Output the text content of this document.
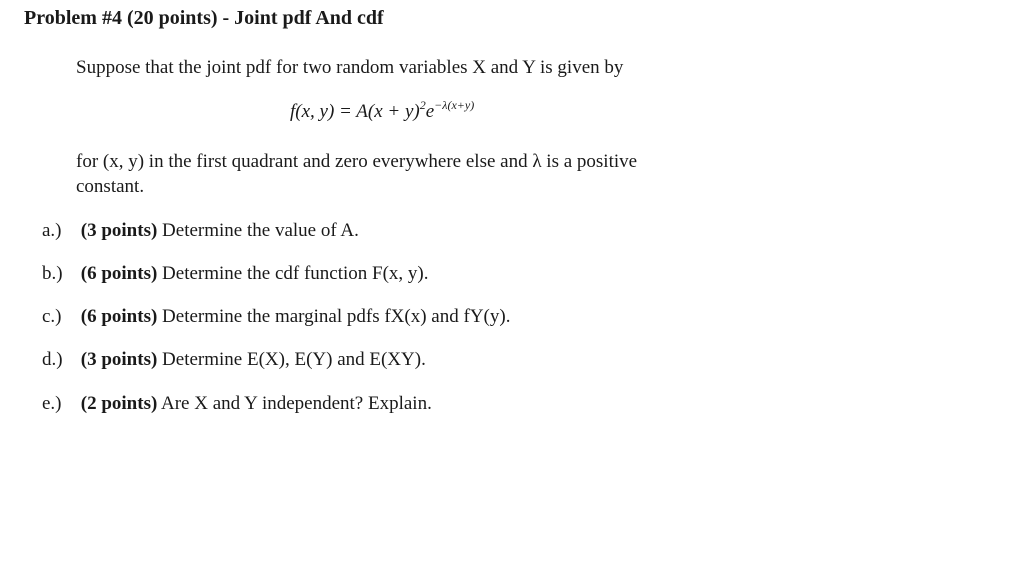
Problem #4 (20 points) - Joint pdf And cdf
Suppose that the joint pdf for two random variables X and Y is given by
f(x, $y) = A(x + y)^2e^{-\lambda(x+y)}$
for (x, y) in the first quadrant and zero everywhere else and λ is a positive
constant.
a.) (3 points) Determine the value of A.
b.) (6 points) Determine the cdf function F(x, y).
c.) (6 points) Determine the marginal pdfs fX(x) and fY(y).
d.) (3 points) Determine E(X), E(Y) and E(XY).
e.) (2 points) Are X and Y independent? Explain.
